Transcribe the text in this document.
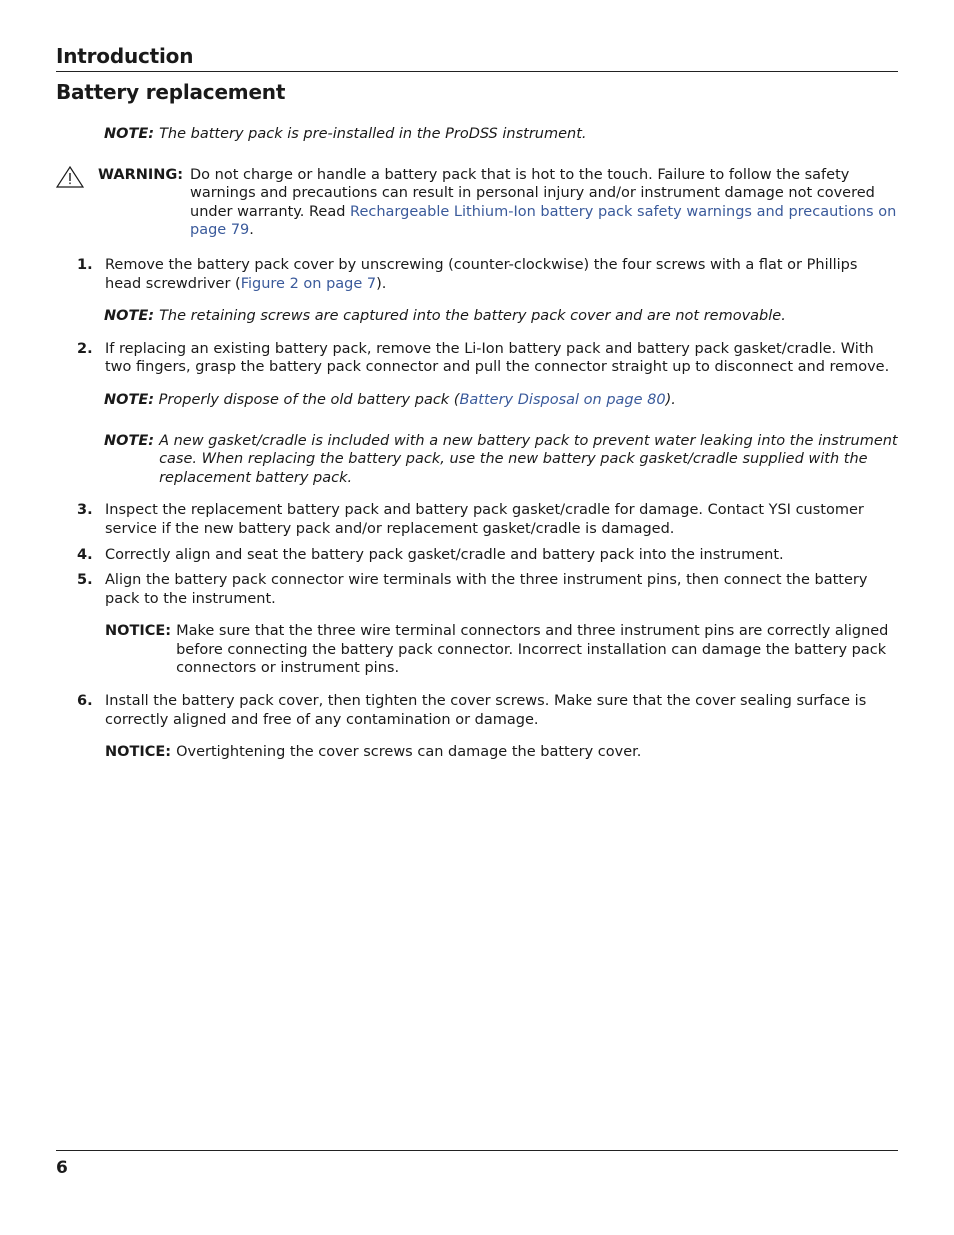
Introduction
Battery replacement
NOTE: The battery pack is pre-installed in the ProDSS instrument.
WARNING: Do not charge or handle a battery pack that is hot to the touch. Failure to follow the safety warnings and precautions can result in personal injury and/or instrument damage not covered under warranty. Read Rechargeable Lithium-Ion battery pack safety warnings and precautions on page 79.
1. Remove the battery pack cover by unscrewing (counter-clockwise) the four screws with a flat or Phillips head screwdriver (Figure 2 on page 7).
NOTE: The retaining screws are captured into the battery pack cover and are not removable.
2. If replacing an existing battery pack, remove the Li-Ion battery pack and battery pack gasket/cradle. With two fingers, grasp the battery pack connector and pull the connector straight up to disconnect and remove.
NOTE: Properly dispose of the old battery pack (Battery Disposal on page 80).
NOTE: A new gasket/cradle is included with a new battery pack to prevent water leaking into the instrument case. When replacing the battery pack, use the new battery pack gasket/cradle supplied with the replacement battery pack.
3. Inspect the replacement battery pack and battery pack gasket/cradle for damage. Contact YSI customer service if the new battery pack and/or replacement gasket/cradle is damaged.
4. Correctly align and seat the battery pack gasket/cradle and battery pack into the instrument.
5. Align the battery pack connector wire terminals with the three instrument pins, then connect the battery pack to the instrument.
NOTICE: Make sure that the three wire terminal connectors and three instrument pins are correctly aligned before connecting the battery pack connector. Incorrect installation can damage the battery pack connectors or instrument pins.
6. Install the battery pack cover, then tighten the cover screws. Make sure that the cover sealing surface is correctly aligned and free of any contamination or damage.
NOTICE: Overtightening the cover screws can damage the battery cover.
6
